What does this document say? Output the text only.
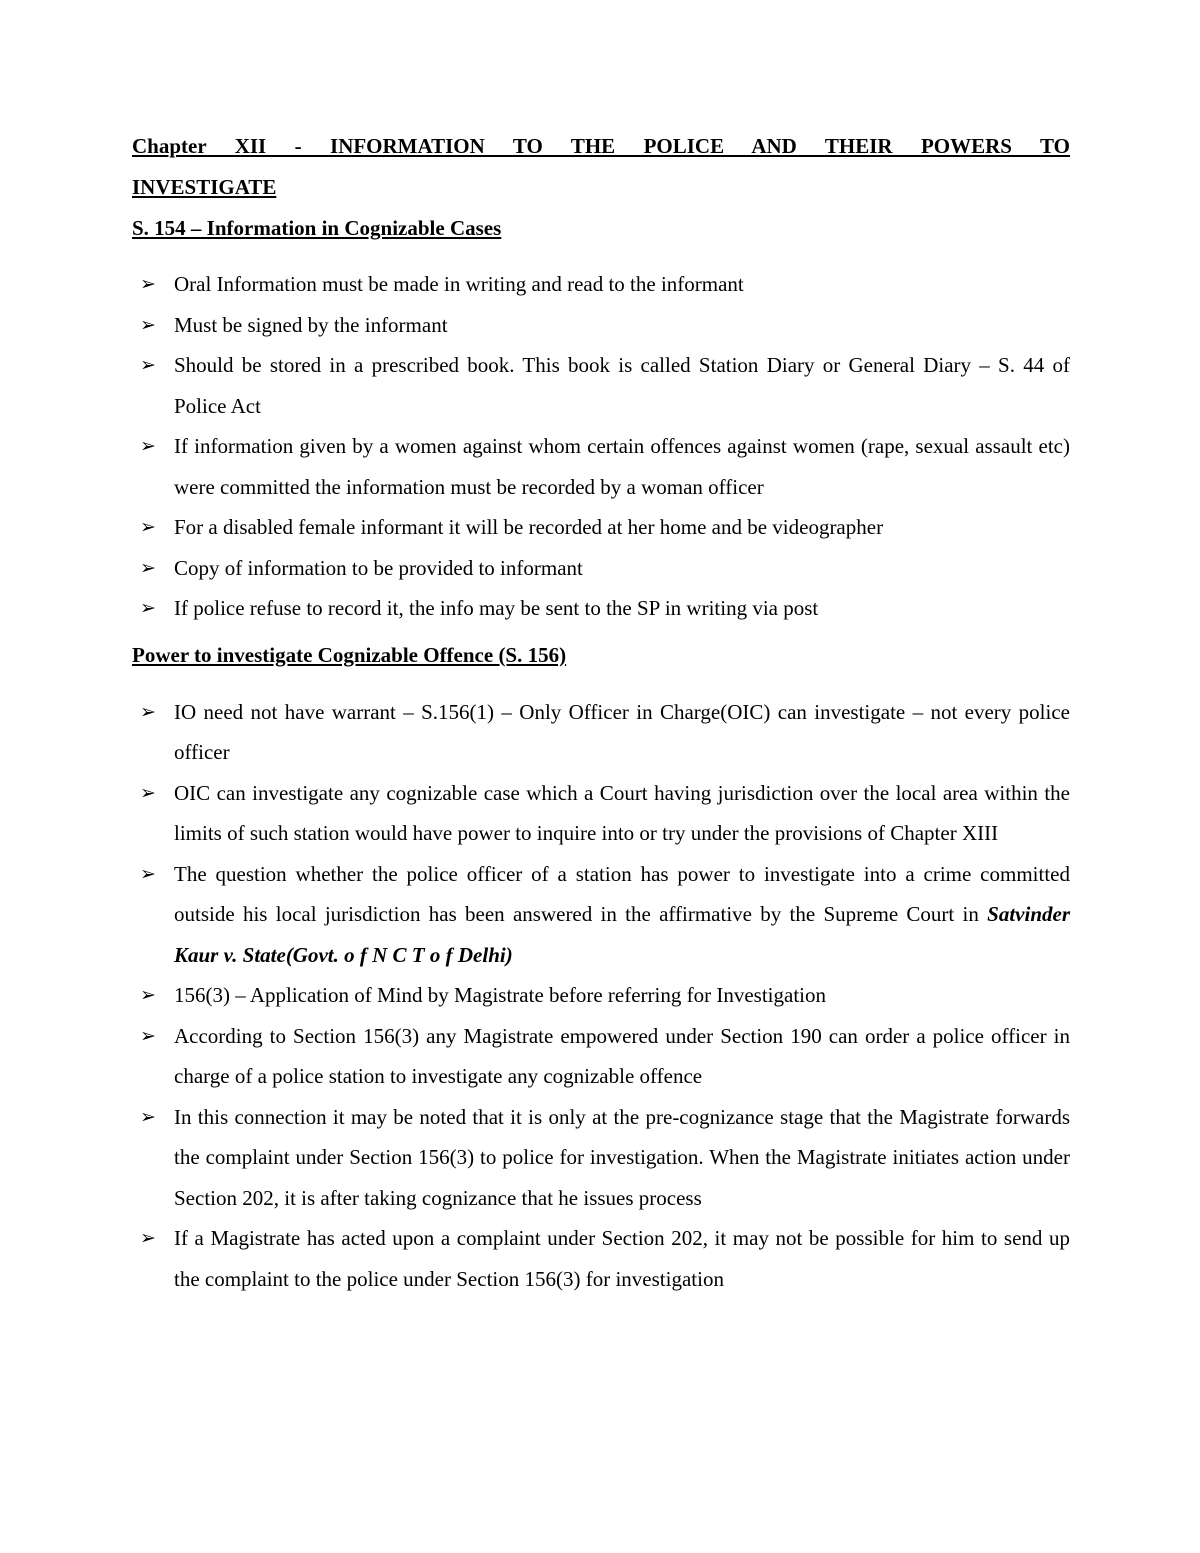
Chapter XII - INFORMATION TO THE POLICE AND THEIR POWERS TO
INVESTIGATE

S. 154 – Information in Cognizable Cases

➢ Oral Information must be made in writing and read to the informant
➢ Must be signed by the informant
➢ Should be stored in a prescribed book. This book is called Station Diary or General Diary – S. 44 of Police Act
➢ If information given by a women against whom certain offences against women (rape, sexual assault etc) were committed the information must be recorded by a woman officer
➢ For a disabled female informant it will be recorded at her home and be videographer
➢ Copy of information to be provided to informant
➢ If police refuse to record it, the info may be sent to the SP in writing via post

Power to investigate Cognizable Offence (S. 156)

➢ IO need not have warrant – S.156(1) – Only Officer in Charge(OIC) can investigate – not every police officer
➢ OIC can investigate any cognizable case which a Court having jurisdiction over the local area within the limits of such station would have power to inquire into or try under the provisions of Chapter XIII
➢ The question whether the police officer of a station has power to investigate into a crime committed outside his local jurisdiction has been answered in the affirmative by the Supreme Court in Satvinder Kaur v. State(Govt. o f N C T o f Delhi)
➢ 156(3) – Application of Mind by Magistrate before referring for Investigation
➢ According to Section 156(3) any Magistrate empowered under Section 190 can order a police officer in charge of a police station to investigate any cognizable offence
➢ In this connection it may be noted that it is only at the pre-cognizance stage that the Magistrate forwards the complaint under Section 156(3) to police for investigation. When the Magistrate initiates action under Section 202, it is after taking cognizance that he issues process
➢ If a Magistrate has acted upon a complaint under Section 202, it may not be possible for him to send up the complaint to the police under Section 156(3) for investigation
